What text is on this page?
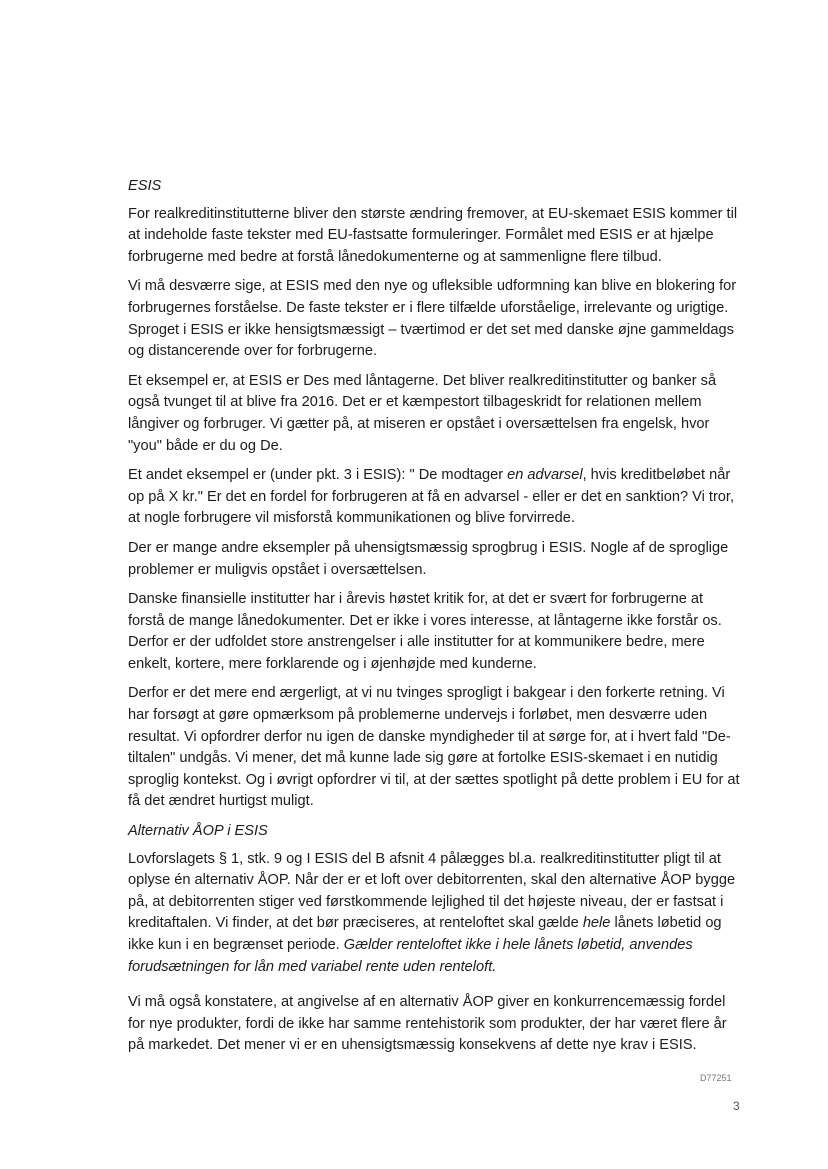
ESIS

For realkreditinstitutterne bliver den største ændring fremover, at EU-skemaet ESIS kommer til at indeholde faste tekster med EU-fastsatte formuleringer. Formålet med ESIS er at hjælpe forbrugerne med bedre at forstå lånedokumenterne og at sammenligne flere tilbud.

Vi må desværre sige, at ESIS med den nye og ufleksible udformning kan blive en blokering for forbrugernes forståelse. De faste tekster er i flere tilfælde uforståelige, irrelevante og urigtige. Sproget i ESIS er ikke hensigtsmæssigt – tværtimod er det set med danske øjne gammeldags og distancerende over for forbrugerne.

Et eksempel er, at ESIS er Des med låntagerne. Det bliver realkreditinstitutter og banker så også tvunget til at blive fra 2016. Det er et kæmpestort tilbageskridt for relationen mellem långiver og forbruger. Vi gætter på, at miseren er opstået i oversættelsen fra engelsk, hvor "you" både er du og De.

Et andet eksempel er (under pkt. 3 i ESIS): " De modtager en advarsel, hvis kreditbeløbet når op på X kr." Er det en fordel for forbrugeren at få en advarsel - eller er det en sanktion? Vi tror, at nogle forbrugere vil misforstå kommunikationen og blive forvirrede.

Der er mange andre eksempler på uhensigtsmæssig sprogbrug i ESIS. Nogle af de sproglige problemer er muligvis opstået i oversættelsen.

Danske finansielle institutter har i årevis høstet kritik for, at det er svært for forbrugerne at forstå de mange lånedokumenter. Det er ikke i vores interesse, at låntagerne ikke forstår os. Derfor er der udfoldet store anstrengelser i alle institutter for at kommunikere bedre, mere enkelt, kortere, mere forklarende og i øjenhøjde med kunderne.

Derfor er det mere end ærgerligt, at vi nu tvinges sprogligt i bakgear i den forkerte retning. Vi har forsøgt at gøre opmærksom på problemerne undervejs i forløbet, men desværre uden resultat. Vi opfordrer derfor nu igen de danske myndigheder til at sørge for, at i hvert fald "De-tiltalen" undgås. Vi mener, det må kunne lade sig gøre at fortolke ESIS-skemaet i en nutidig sproglig kontekst. Og i øvrigt opfordrer vi til, at der sættes spotlight på dette problem i EU for at få det ændret hurtigst muligt.

Alternativ ÅOP i ESIS

Lovforslagets § 1, stk. 9 og I ESIS del B afsnit 4 pålægges bl.a. realkreditinstitutter pligt til at oplyse én alternativ ÅOP. Når der er et loft over debitorrenten, skal den alternative ÅOP bygge på, at debitorrenten stiger ved førstkommende lejlighed til det højeste niveau, der er fastsat i kreditaftalen. Vi finder, at det bør præciseres, at renteloftet skal gælde hele lånets løbetid og ikke kun i en begrænset periode. Gælder renteloftet ikke i hele lånets løbetid, anvendes forudsætningen for lån med variabel rente uden renteloft.

Vi må også konstatere, at angivelse af en alternativ ÅOP giver en konkurrencemæssig fordel for nye produkter, fordi de ikke har samme rentehistorik som produkter, der har været flere år på markedet. Det mener vi er en uhensigtsmæssig konsekvens af dette nye krav i ESIS.

D77251
3
